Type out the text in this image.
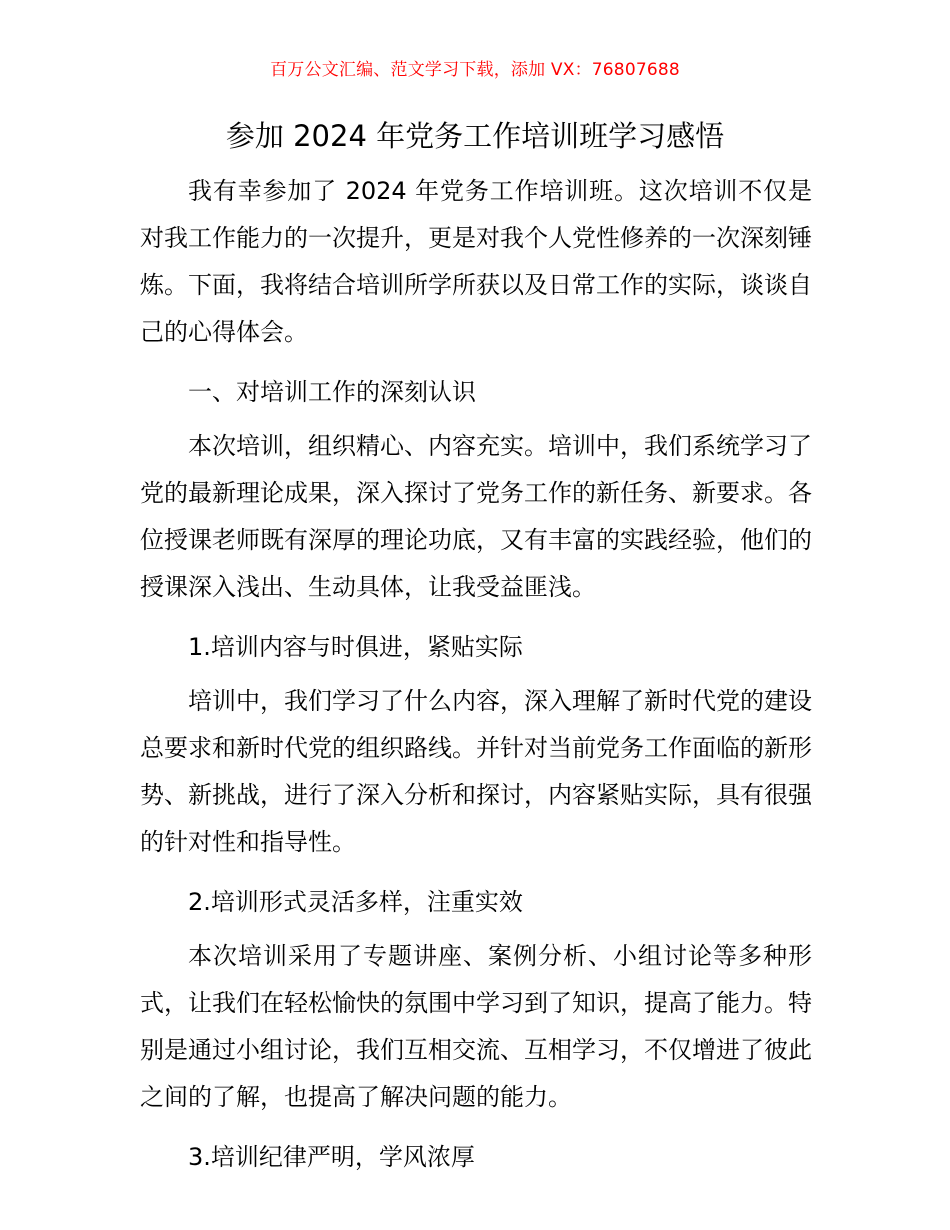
百万公文汇编、范文学习下载，添加 VX：76807688
参加 2024 年党务工作培训班学习感悟

我有幸参加了 2024 年党务工作培训班。这次培训不仅是对我工作能力的一次提升，更是对我个人党性修养的一次深刻锤炼。下面，我将结合培训所学所获以及日常工作的实际，谈谈自己的心得体会。

一、对培训工作的深刻认识

本次培训，组织精心、内容充实。培训中，我们系统学习了党的最新理论成果，深入探讨了党务工作的新任务、新要求。各位授课老师既有深厚的理论功底，又有丰富的实践经验，他们的授课深入浅出、生动具体，让我受益匪浅。

1.培训内容与时俱进，紧贴实际

培训中，我们学习了什么内容，深入理解了新时代党的建设总要求和新时代党的组织路线。并针对当前党务工作面临的新形势、新挑战，进行了深入分析和探讨，内容紧贴实际，具有很强的针对性和指导性。

2.培训形式灵活多样，注重实效

本次培训采用了专题讲座、案例分析、小组讨论等多种形式，让我们在轻松愉快的氛围中学习到了知识，提高了能力。特别是通过小组讨论，我们互相交流、互相学习，不仅增进了彼此之间的了解，也提高了解决问题的能力。

3.培训纪律严明，学风浓厚
